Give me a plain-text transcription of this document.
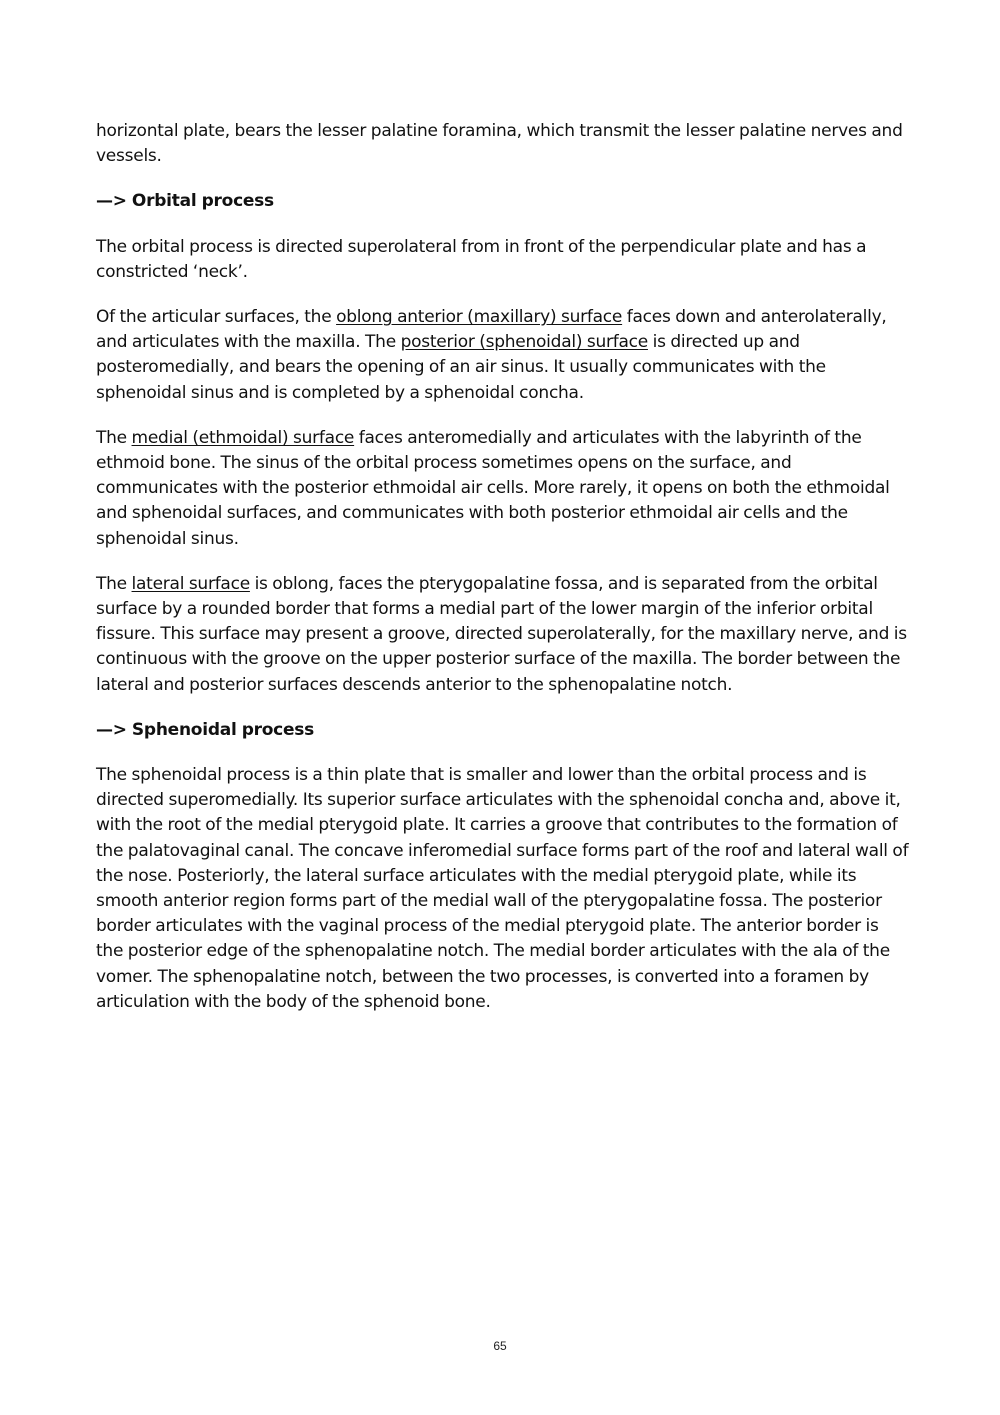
horizontal plate, bears the lesser palatine foramina, which transmit the lesser palatine nerves and vessels.

—> Orbital process

The orbital process is directed superolateral from in front of the perpendicular plate and has a constricted ‘neck’.

Of the articular surfaces, the oblong anterior (maxillary) surface faces down and anterolaterally, and articulates with the maxilla. The posterior (sphenoidal) surface is directed up and posteromedially, and bears the opening of an air sinus. It usually communicates with the sphenoidal sinus and is completed by a sphenoidal concha.

The medial (ethmoidal) surface faces anteromedially and articulates with the labyrinth of the ethmoid bone. The sinus of the orbital process sometimes opens on the surface, and communicates with the posterior ethmoidal air cells. More rarely, it opens on both the ethmoidal and sphenoidal surfaces, and communicates with both posterior ethmoidal air cells and the sphenoidal sinus.

The lateral surface is oblong, faces the pterygopalatine fossa, and is separated from the orbital surface by a rounded border that forms a medial part of the lower margin of the inferior orbital fissure. This surface may present a groove, directed superolaterally, for the maxillary nerve, and is continuous with the groove on the upper posterior surface of the maxilla. The border between the lateral and posterior surfaces descends anterior to the sphenopalatine notch.

—> Sphenoidal process

The sphenoidal process is a thin plate that is smaller and lower than the orbital process and is directed superomedially. Its superior surface articulates with the sphenoidal concha and, above it, with the root of the medial pterygoid plate. It carries a groove that contributes to the formation of the palatovaginal canal. The concave inferomedial surface forms part of the roof and lateral wall of the nose. Posteriorly, the lateral surface articulates with the medial pterygoid plate, while its smooth anterior region forms part of the medial wall of the pterygopalatine fossa. The posterior border articulates with the vaginal process of the medial pterygoid plate. The anterior border is the posterior edge of the sphenopalatine notch. The medial border articulates with the ala of the vomer. The sphenopalatine notch, between the two processes, is converted into a foramen by articulation with the body of the sphenoid bone.

65
